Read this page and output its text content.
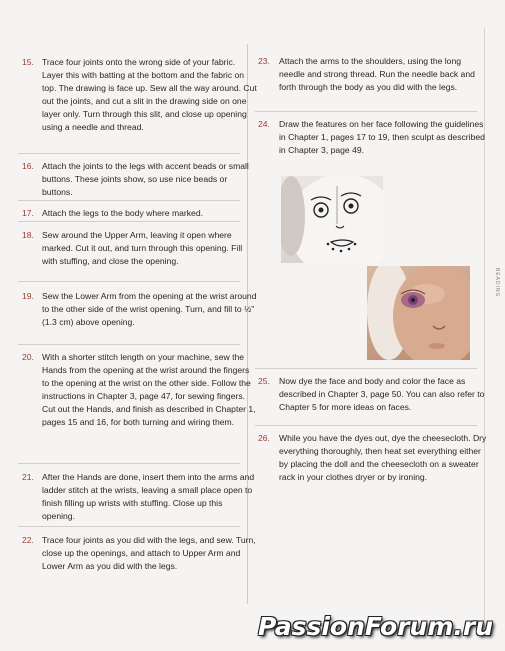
15. Trace four joints onto the wrong side of your fabric. Layer this with batting at the bottom and the fabric on top. The drawing is face up. Sew all the way around. Cut out the joints, and cut a slit in the drawing side on one layer only. Turn through this slit, and close up opening using a needle and thread.
16. Attach the joints to the legs with accent beads or small buttons. These joints show, so use nice beads or buttons.
17. Attach the legs to the body where marked.
18. Sew around the Upper Arm, leaving it open where marked. Cut it out, and turn through this opening. Fill with stuffing, and close the opening.
19. Sew the Lower Arm from the opening at the wrist around to the other side of the wrist opening. Turn, and fill to ½" (1.3 cm) above opening.
20. With a shorter stitch length on your machine, sew the Hands from the opening at the wrist around the fingers to the opening at the wrist on the other side. Follow the instructions in Chapter 3, page 47, for sewing fingers. Cut out the Hands, and finish as described in Chapter 1, pages 15 and 16, for both turning and wiring them.
21. After the Hands are done, insert them into the arms and ladder stitch at the wrists, leaving a small place open to finish filling up wrists with stuffing. Close up this opening.
22. Trace four joints as you did with the legs, and sew. Turn, close up the openings, and attach to Upper Arm and Lower Arm as you did with the legs.
23. Attach the arms to the shoulders, using the long needle and strong thread. Run the needle back and forth through the body as you did with the legs.
24. Draw the features on her face following the guidelines in Chapter 1, pages 17 to 19, then sculpt as described in Chapter 3, page 49.
25. Now dye the face and body and color the face as described in Chapter 3, page 50. You can also refer to Chapter 5 for more ideas on faces.
26. While you have the dyes out, dye the cheesecloth. Dry everything thoroughly, then heat set everything either by placing the doll and the cheesecloth on a sweater rack in your clothes dryer or by ironing.
BEADING
PassionForum.ru
